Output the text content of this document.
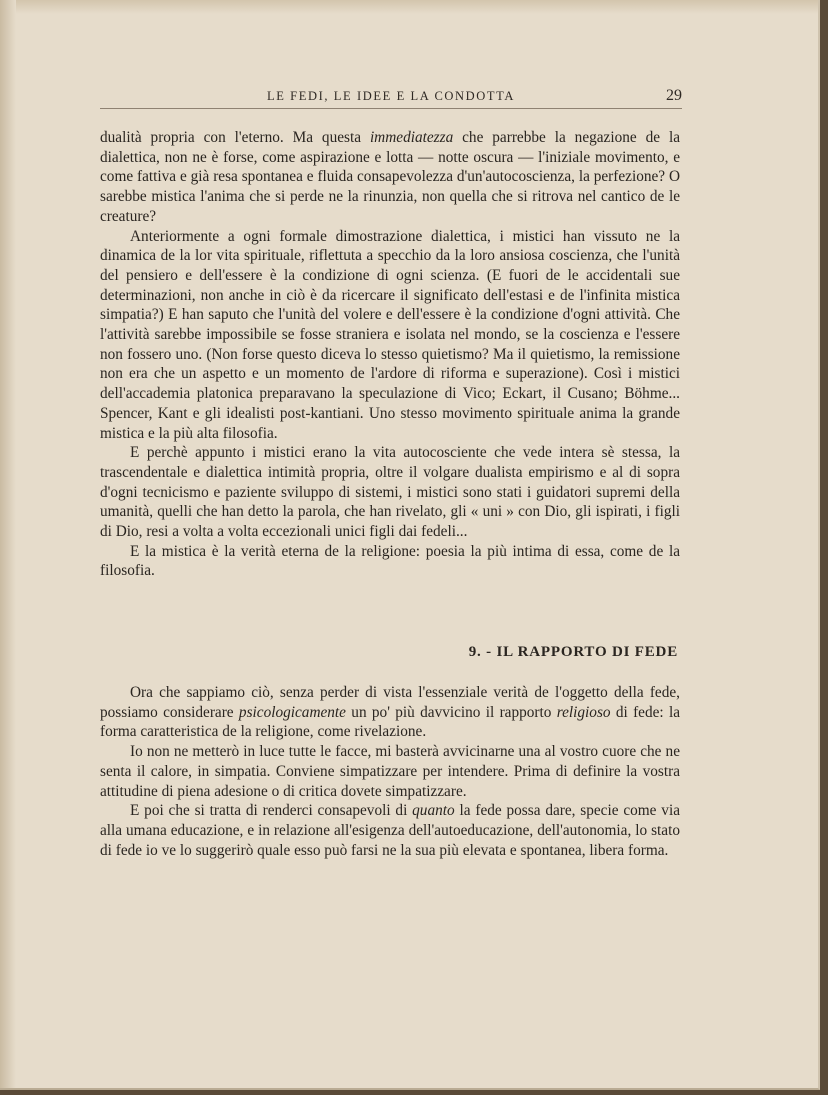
LE FEDI, LE IDEE E LA CONDOTTA	29

dualità propria con l'eterno. Ma questa immediatezza che parrebbe la negazione de la dialettica, non ne è forse, come aspirazione e lotta — notte oscura — l'iniziale movimento, e come fattiva e già resa spontanea e fluida consapevolezza d'un'autocoscienza, la perfezione? O sarebbe mistica l'anima che si perde ne la rinunzia, non quella che si ritrova nel cantico de le creature?

Anteriormente a ogni formale dimostrazione dialettica, i mistici han vissuto ne la dinamica de la lor vita spirituale, riflettuta a specchio da la loro ansiosa coscienza, che l'unità del pensiero e dell'essere è la condizione di ogni scienza. (E fuori de le accidentali sue determinazioni, non anche in ciò è da ricercare il significato dell'estasi e de l'infinita mistica simpatia?) E han saputo che l'unità del volere e dell'essere è la condizione d'ogni attività. Che l'attività sarebbe impossibile se fosse straniera e isolata nel mondo, se la coscienza e l'essere non fossero uno. (Non forse questo diceva lo stesso quietismo? Ma il quietismo, la remissione non era che un aspetto e un momento de l'ardore di riforma e superazione). Così i mistici dell'accademia platonica preparavano la speculazione di Vico; Eckart, il Cusano; Böhme... Spencer, Kant e gli idealisti post-kantiani. Uno stesso movimento spirituale anima la grande mistica e la più alta filosofia.

E perchè appunto i mistici erano la vita autocosciente che vede intera sè stessa, la trascendentale e dialettica intimità propria, oltre il volgare dualista empirismo e al di sopra d'ogni tecnicismo e paziente sviluppo di sistemi, i mistici sono stati i guidatori supremi della umanità, quelli che han detto la parola, che han rivelato, gli « uni » con Dio, gli ispirati, i figli di Dio, resi a volta a volta eccezionali unici figli dai fedeli...

E la mistica è la verità eterna de la religione: poesia la più intima di essa, come de la filosofia.

9. - IL RAPPORTO DI FEDE

Ora che sappiamo ciò, senza perder di vista l'essenziale verità de l'oggetto della fede, possiamo considerare psicologicamente un po' più davvicino il rapporto religioso di fede: la forma caratteristica de la religione, come rivelazione.

Io non ne metterò in luce tutte le facce, mi basterà avvicinarne una al vostro cuore che ne senta il calore, in simpatia. Conviene simpatizzare per intendere. Prima di definire la vostra attitudine di piena adesione o di critica dovete simpatizzare.

E poi che si tratta di renderci consapevoli di quanto la fede possa dare, specie come via alla umana educazione, e in relazione all'esigenza dell'autoeducazione, dell'autonomia, lo stato di fede io ve lo suggerirò quale esso può farsi ne la sua più elevata e spontanea, libera forma.
